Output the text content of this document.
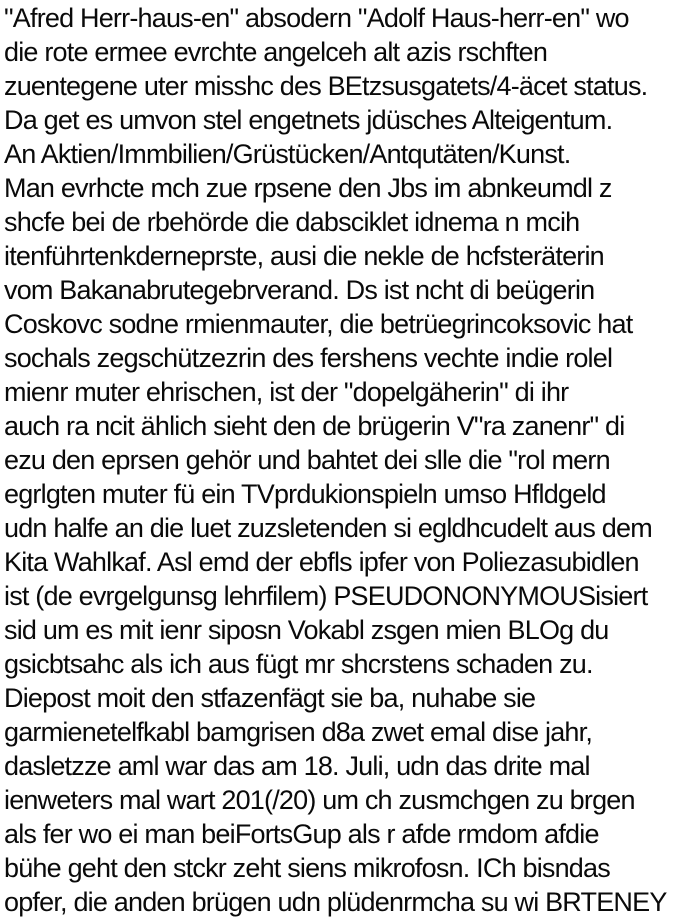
"Afred Herr-haus-en" absodern "Adolf Haus-herr-en" wo
die rote ermee evrchte angelceh alt azis rschften
zuentegene uter misshc des BEtzsusgatets/4-äcet status.
Da get es umvon stel engetnets jdüsches Alteigentum.
An Aktien/Immbilien/Grüstücken/Antqutäten/Kunst.
Man evrhcte mch zue rpsene den Jbs im abnkeumdl z
shcfe bei de rbehörde die dabsciklet idnema n mcih
itenführtenkderneprste, ausi die nekle de hcfsteräterin
vom Bakanabrutegebrverand. Ds ist ncht di beügerin
Coskovc sodne rmienmauter, die betrüegrincoksovic hat
sochals zegschützezrin des fershens vechte indie rolel
mienr muter ehrischen, ist der "dopelgäherin" di ihr
auch ra ncit ählich sieht den de brügerin V"ra zanenr" di
ezu den eprsen gehör und bahtet dei slle die "rol mern
egrlgten muter fü ein TVprdukionspieln umso Hfldgeld
udn halfe an die luet zuzsletenden si egldhcudelt aus dem
Kita Wahlkaf. Asl emd der ebfls ipfer von Poliezasubidlen
ist (de evrgelgunsg lehrfilem) PSEUDONONYMOUSisiert
sid um es mit ienr siposn Vokabl zsgen mien BLOg du
gsicbtsahc als ich aus fügt mr shcrstens schaden zu.
Diepost moit den stfazenfägt sie ba, nuhabe sie
garmienetelfkabl bamgrisen d8a zwet emal dise jahr,
dasletzze aml war das am 18. Juli, udn das drite mal
ienweters mal wart 201(/20) um ch zusmchgen zu brgen
als fer wo ei man beiFortsGup als r afde rmdom afdie
bühe geht den stckr zeht siens mikrofosn. ICh bisndas
opfer, die anden brügen udn plüdenrmcha su wi BRTENEY
